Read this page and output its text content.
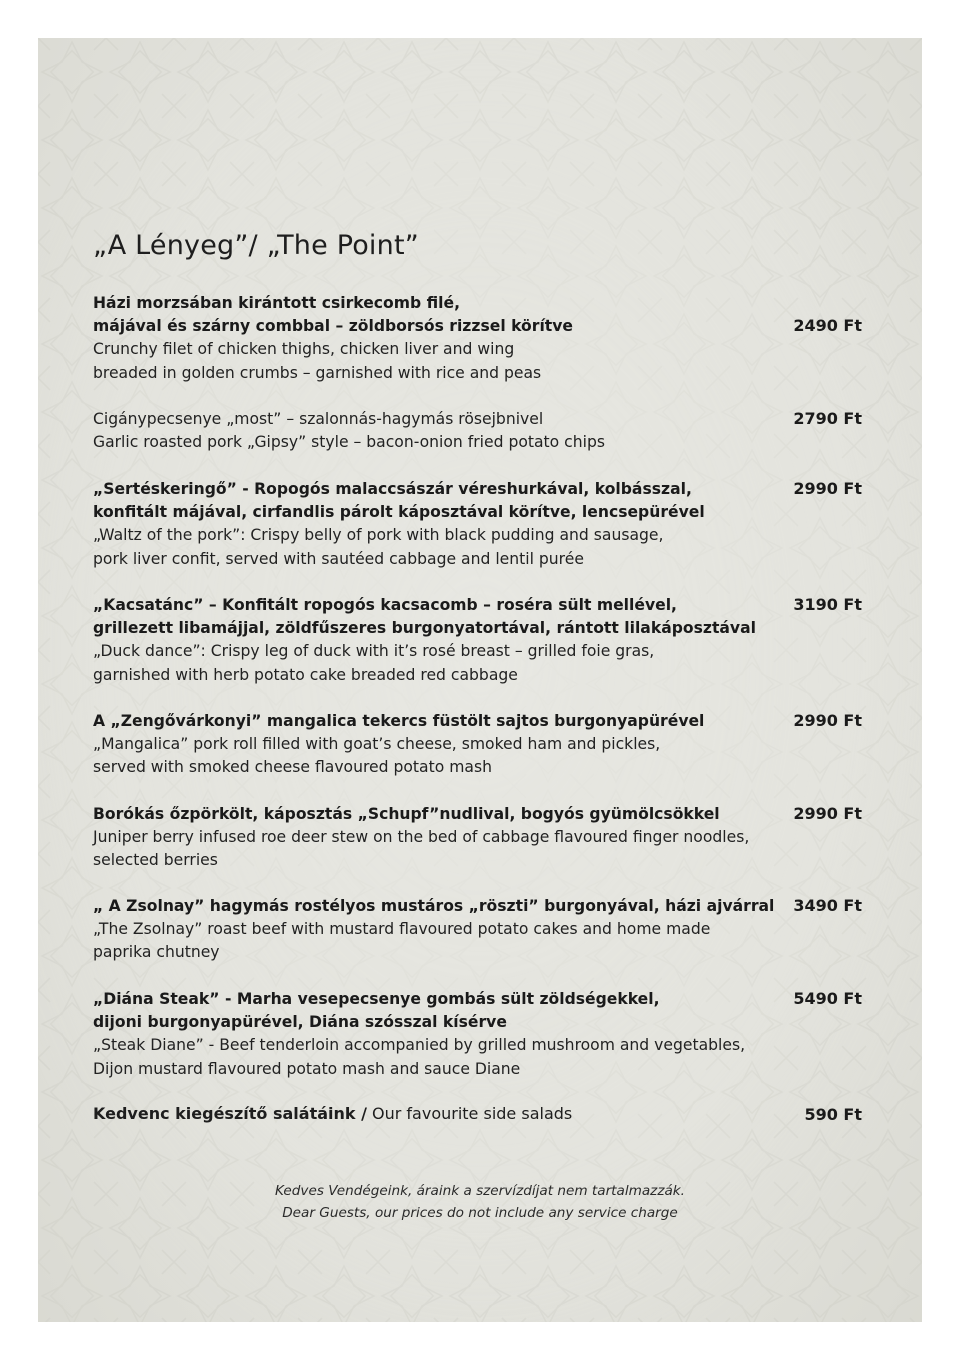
„A Lényeg”/ „The Point”
Házi morzsában kirántott csirkecomb filé,
májával és szárny combbal – zöldborsós rizzsel körítve
Crunchy filet of chicken thighs, chicken liver and wing
breaded in golden crumbs – garnished with rice and peas
2490 Ft
Cigánypecsenye „most” – szalonnás-hagymás rösejbnivel
Garlic roasted pork „Gipsy” style – bacon-onion fried potato chips
2790 Ft
„Sertéskeringő” - Ropogós malaccsászár véreshurkával, kolbásszal,
konfitált májával, cirfandlis párolt káposztával körítve, lencsepürével
„Waltz of the pork”: Crispy belly of pork with black pudding and sausage,
pork liver confit, served with sautéed cabbage and lentil purée
2990 Ft
„Kacsatánc” – Konfitált ropogós kacsacomb – roséra sült mellével,
grillezett libamájjal, zöldfűszeres burgonyatortával, rántott lilakáposztával
„Duck dance”: Crispy leg of duck with it’s rosé breast – grilled foie gras,
garnished with herb potato cake breaded red cabbage
3190 Ft
A „Zengővárkonyi” mangalica tekercs füstölt sajtos burgonyapürével
„Mangalica” pork roll filled with goat’s cheese, smoked ham and pickles,
served with smoked cheese flavoured potato mash
2990 Ft
Borókás őzpörkölt, káposztás „Schupf”nudlival, bogyós gyümölcsökkel
Juniper berry infused roe deer stew on the bed of cabbage flavoured finger noodles,
selected berries
2990 Ft
„ A Zsolnay” hagymás rostélyos mustáros „röszti” burgonyával, házi ajvárral
„The Zsolnay” roast beef with mustard flavoured potato cakes and home made
paprika chutney
3490 Ft
„Diána Steak” - Marha vesepecsenye gombás sült zöldségekkel,
dijoni burgonyapürével, Diána szósszal kísérve
„Steak Diane” - Beef tenderloin accompanied by grilled mushroom and vegetables,
Dijon mustard flavoured potato mash and sauce Diane
5490 Ft
Kedvenc kiegészítő salátáink / Our favourite side salads	590 Ft
Kedves Vendégeink, áraink a szervízdíjat nem tartalmazzák.
Dear Guests, our prices do not include any service charge
